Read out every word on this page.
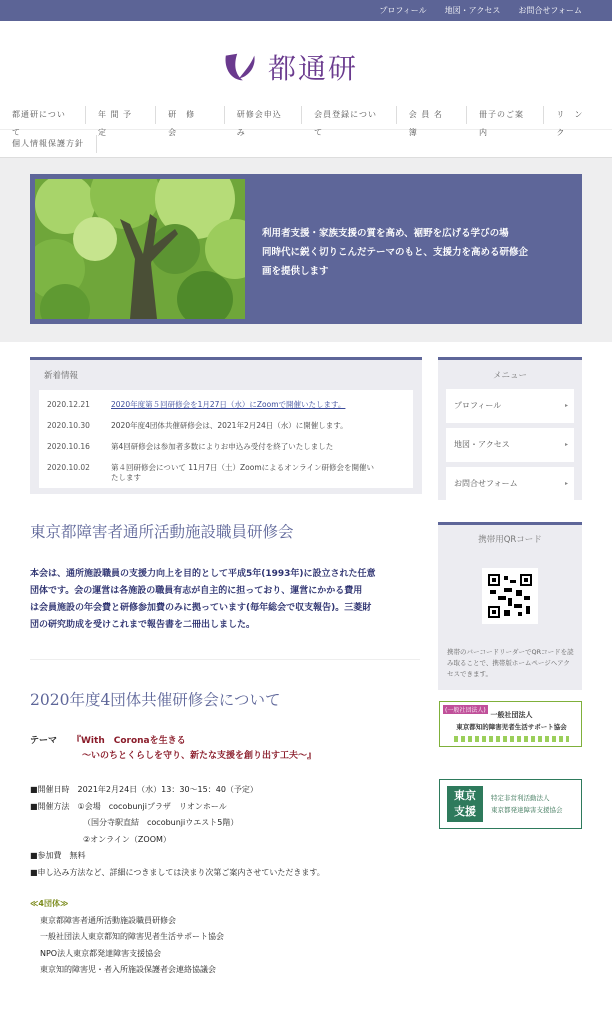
プロフィール 地図・アクセス お問合せフォーム
都通研
都通研について
年 間 予 定
研　修　会
研修会申込み
会員登録について
会 員 名 簿
冊子のご案内
リ　ン　ク
個人情報保護方針
利用者支援・家族支援の質を高め、裾野を広げる学びの場
同時代に鋭く切りこんだテーマのもと、支援力を高める研修企
画を提供します
新着情報
2020.12.21	2020年度第５回研修会を1月27日（水）にZoomで開催いたします。
2020.10.30	2020年度4団体共催研修会は、2021年2月24日（水）に開催します。
2020.10.16	第4回研修会は参加者多数によりお申込み受付を終了いたしました
2020.10.02	第４回研修会について 11月7日（土）Zoomによるオンライン研修会を開催い
たします
メニュー
プロフィール ▸
地図・アクセス ▸
お問合せフォーム ▸
東京都障害者通所活動施設職員研修会
本会は、通所施設職員の支援力向上を目的として平成5年(1993年)に設立された任意
団体です。会の運営は各施設の職員有志が自主的に担っており、運営にかかる費用
は会員施設の年会費と研修参加費のみに拠っています(毎年総会で収支報告)。三菱財
団の研究助成を受けこれまで報告書を二冊出しました。
2020年度4団体共催研修会について
テーマ 『With　Coronaを生きる
〜いのちとくらしを守り、新たな支援を創り出す工夫〜』
■開催日時　2021年2月24日（水）13：30〜15：40（予定）
■開催方法　①会場　cocobunjiプラザ　リオンホール
（国分寺駅直結　cocobunjiウエスト5階）
②オンライン（ZOOM）
■参加費　無料
■申し込み方法など、詳細につきましては決まり次第ご案内させていただきます。
≪4団体≫
東京都障害者通所活動施設職員研修会
一般社団法人東京都知的障害児者生活サポート協会
NPO法人東京都発達障害支援協会
東京知的障害児・者入所施設保護者会連絡協議会
携帯用QRコード
携帯のバーコードリーダーでQRコードを読み取ることで、携帯版ホームページへアクセスできます。
(一般社団法人)
一般社団法人
東京都知的障害児者生活サポート協会
東京
支援
特定非営利活動法人
東京都発達障害支援協会
